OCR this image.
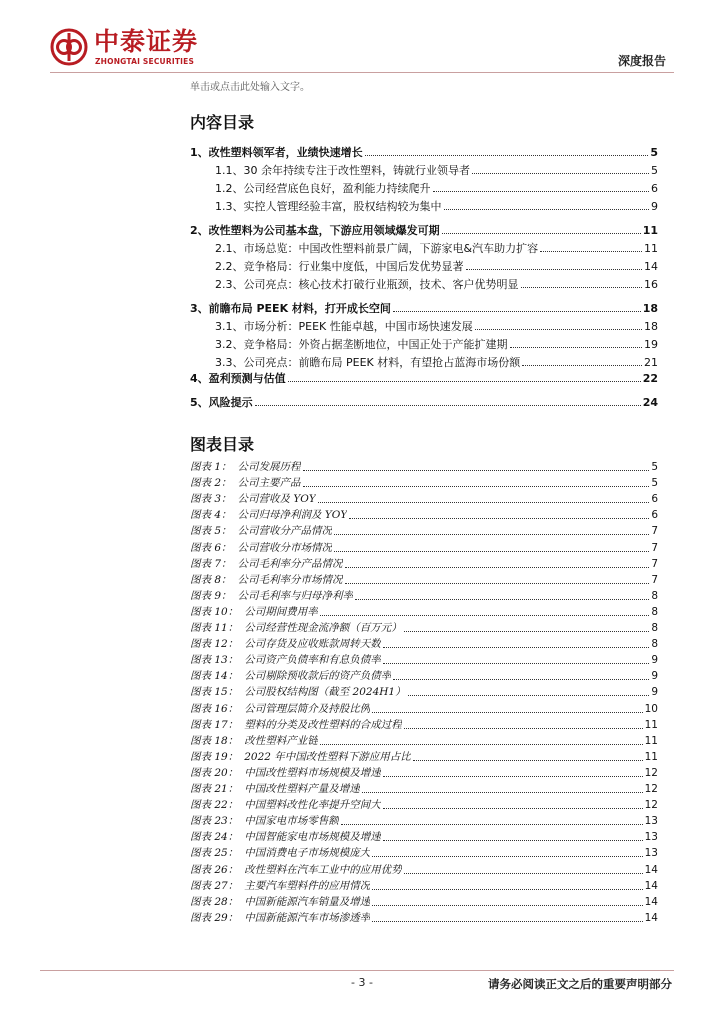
中泰证券
ZHONGTAI SECURITIES	深度报告
单击或点击此处输入文字。
内容目录
1、改性塑料领军者，业绩快速增长	5
1.1、30 余年持续专注于改性塑料，铸就行业领导者	5
1.2、公司经营底色良好，盈利能力持续爬升	6
1.3、实控人管理经验丰富，股权结构较为集中	9
2、改性塑料为公司基本盘，下游应用领域爆发可期	11
2.1、市场总览：中国改性塑料前景广阔，下游家电&汽车助力扩容	11
2.2、竞争格局：行业集中度低，中国后发优势显著	14
2.3、公司亮点：核心技术打破行业瓶颈，技术、客户优势明显	16
3、前瞻布局 PEEK 材料，打开成长空间	18
3.1、市场分析：PEEK 性能卓越，中国市场快速发展	18
3.2、竞争格局：外资占据垄断地位，中国正处于产能扩建期	19
3.3、公司亮点：前瞻布局 PEEK 材料，有望抢占蓝海市场份额	21
4、盈利预测与估值	22
5、风险提示	24
图表目录
图表 1： 公司发展历程	5
图表 2： 公司主要产品	5
图表 3： 公司营收及 YOY	6
图表 4： 公司归母净利润及 YOY	6
图表 5： 公司营收分产品情况	7
图表 6： 公司营收分市场情况	7
图表 7： 公司毛利率分产品情况	7
图表 8： 公司毛利率分市场情况	7
图表 9： 公司毛利率与归母净利率	8
图表 10： 公司期间费用率	8
图表 11： 公司经营性现金流净额（百万元）	8
图表 12： 公司存货及应收账款周转天数	8
图表 13： 公司资产负债率和有息负债率	9
图表 14： 公司剔除预收款后的资产负债率	9
图表 15： 公司股权结构图（截至 2024H1）	9
图表 16： 公司管理层简介及持股比例	10
图表 17： 塑料的分类及改性塑料的合成过程	11
图表 18： 改性塑料产业链	11
图表 19： 2022 年中国改性塑料下游应用占比	11
图表 20： 中国改性塑料市场规模及增速	12
图表 21： 中国改性塑料产量及增速	12
图表 22： 中国塑料改性化率提升空间大	12
图表 23： 中国家电市场零售额	13
图表 24： 中国智能家电市场规模及增速	13
图表 25： 中国消费电子市场规模庞大	13
图表 26： 改性塑料在汽车工业中的应用优势	14
图表 27： 主要汽车塑料件的应用情况	14
图表 28： 中国新能源汽车销量及增速	14
图表 29： 中国新能源汽车市场渗透率	14
- 3 -	请务必阅读正文之后的重要声明部分
